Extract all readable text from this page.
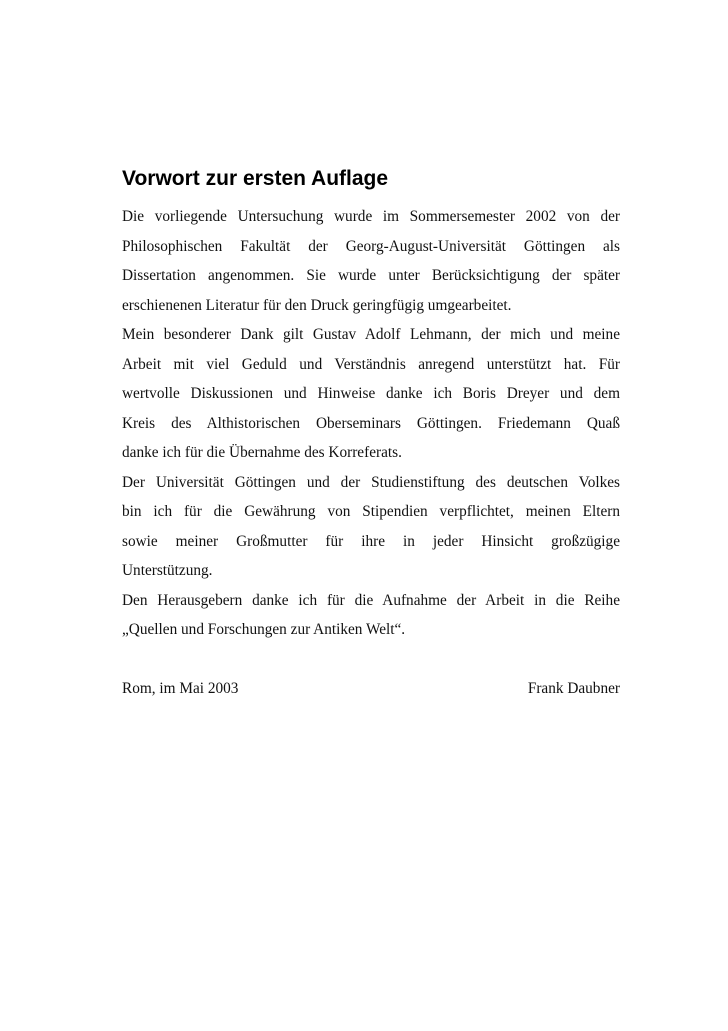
Vorwort zur ersten Auflage

Die vorliegende Untersuchung wurde im Sommersemester 2002 von der

Philosophischen Fakultät der Georg-August-Universität Göttingen als

Dissertation angenommen. Sie wurde unter Berücksichtigung der später

erschienenen Literatur für den Druck geringfügig umgearbeitet.

Mein besonderer Dank gilt Gustav Adolf Lehmann, der mich und meine

Arbeit mit viel Geduld und Verständnis anregend unterstützt hat. Für

wertvolle Diskussionen und Hinweise danke ich Boris Dreyer und dem

Kreis des Althistorischen Oberseminars Göttingen. Friedemann Quaß

danke ich für die Übernahme des Korreferats.

Der Universität Göttingen und der Studienstiftung des deutschen Volkes

bin ich für die Gewährung von Stipendien verpflichtet, meinen Eltern

sowie meiner Großmutter für ihre in jeder Hinsicht großzügige

Unterstützung.

Den Herausgebern danke ich für die Aufnahme der Arbeit in die Reihe

„Quellen und Forschungen zur Antiken Welt“.

Rom, im Mai 2003	Frank Daubner
